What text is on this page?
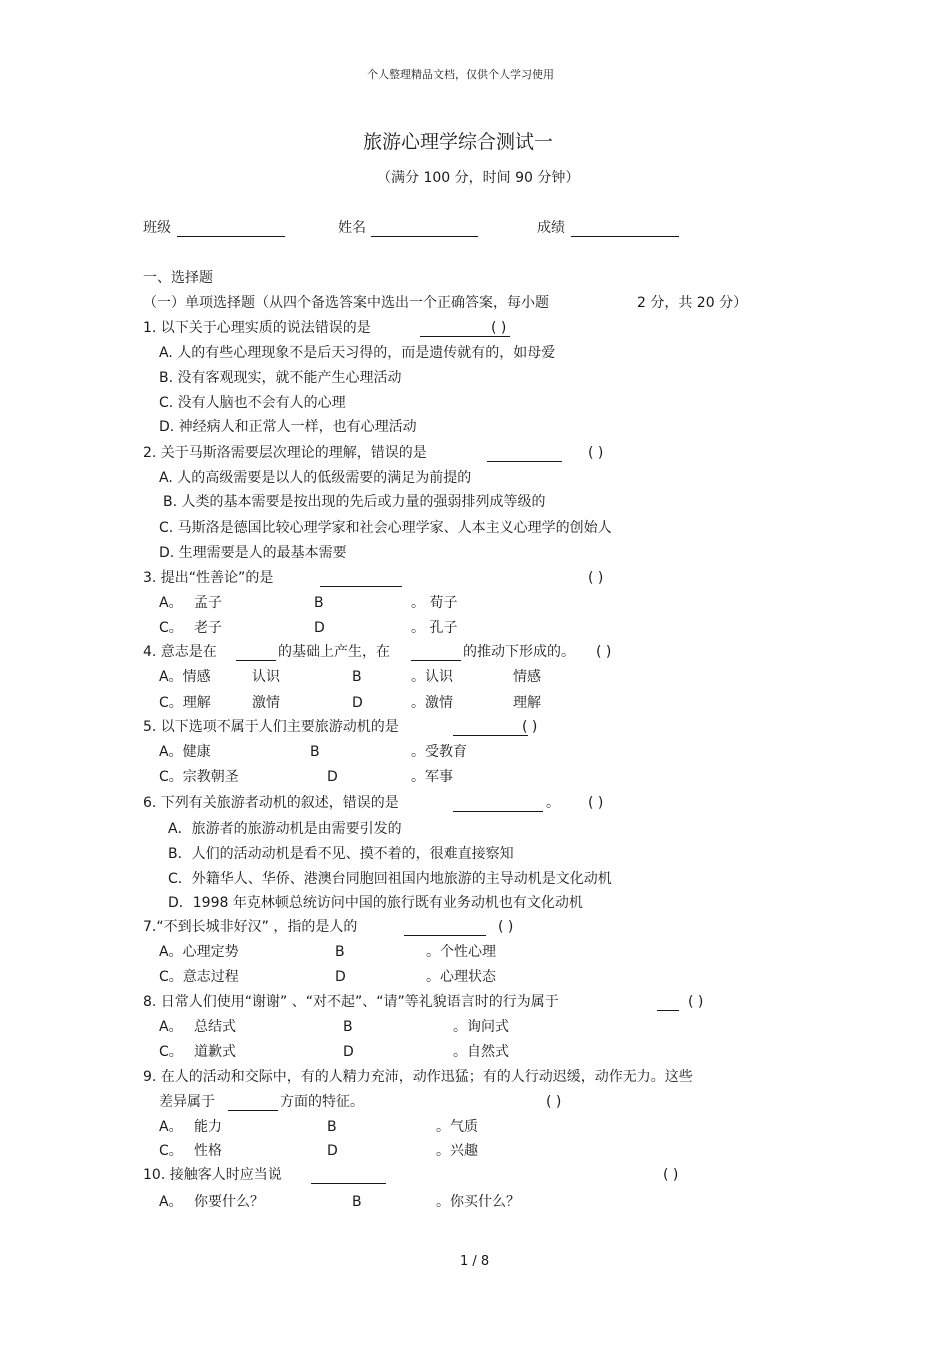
个人整理精品文档，仅供个人学习使用
旅游心理学综合测试一
（满分 100 分，时间 90 分钟）
班级	姓名	成绩
一、选择题
（一）单项选择题（从四个备选答案中选出一个正确答案，每小题	2 分，共 20 分）
1. 以下关于心理实质的说法错误的是	( )
A. 人的有些心理现象不是后天习得的，而是遗传就有的，如母爱
B. 没有客观现实，就不能产生心理活动
C. 没有人脑也不会有人的心理
D. 神经病人和正常人一样，也有心理活动
2. 关于马斯洛需要层次理论的理解，错误的是	( )
A. 人的高级需要是以人的低级需要的满足为前提的
B. 人类的基本需要是按出现的先后或力量的强弱排列成等级的
C. 马斯洛是德国比较心理学家和社会心理学家、人本主义心理学的创始人
D. 生理需要是人的最基本需要
3. 提出“性善论”的是	( )
A。 孟子	B	。 荀子
C。 老子	D	。 孔子
4. 意志是在	的基础上产生，在	的推动下形成的。 ( )
A。情感	认识	B	。认识	情感
C。理解	激情	D	。激情	理解
5. 以下选项不属于人们主要旅游动机的是	( )
A。健康	B	。受教育
C。宗教朝圣	D	。军事
6. 下列有关旅游者动机的叙述，错误的是	。 ( )
A．旅游者的旅游动机是由需要引发的
B．人们的活动动机是看不见、摸不着的，很难直接察知
C．外籍华人、华侨、港澳台同胞回祖国内地旅游的主导动机是文化动机
D．1998 年克林顿总统访问中国的旅行既有业务动机也有文化动机
7.“不到长城非好汉” ，指的是人的	( )
A。心理定势	B	。个性心理
C。意志过程	D	。心理状态
8. 日常人们使用“谢谢” 、“对不起”、“请”等礼貌语言时的行为属于	( )
A。 总结式	B	。询问式
C。 道歉式	D	。自然式
9. 在人的活动和交际中，有的人精力充沛，动作迅猛；有的人行动迟缓，动作无力。这些
差异属于	方面的特征。	( )
A。 能力	B	。气质
C。 性格	D	。兴趣
10. 接触客人时应当说	( )
A。 你要什么？	B	。你买什么？
1 / 8
